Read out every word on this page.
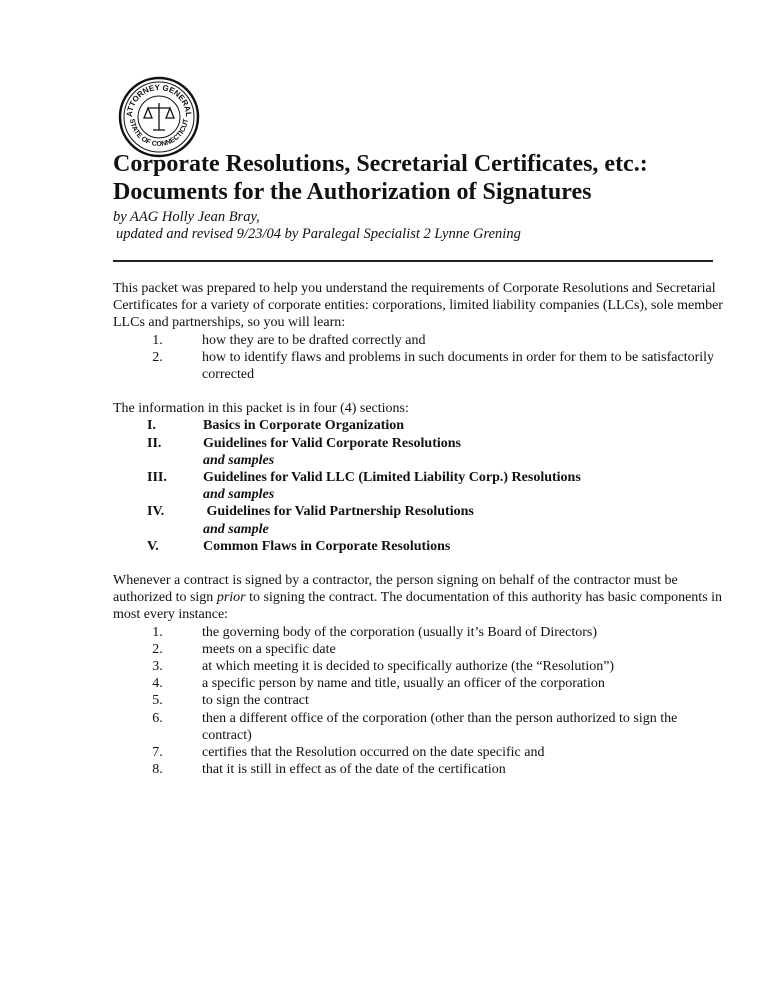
ATTORNEY GENERAL
STATE OF CONNECTICUT
Corporate Resolutions, Secretarial Certificates, etc.:
Documents for the Authorization of Signatures
by AAG Holly Jean Bray,
updated and revised 9/23/04 by Paralegal Specialist 2 Lynne Grening

This packet was prepared to help you understand the requirements of Corporate Resolutions and Secretarial Certificates for a variety of corporate entities: corporations, limited liability companies (LLCs), sole member LLCs and partnerships, so you will learn:

1.	how they are to be drafted correctly and
2.	how to identify flaws and problems in such documents in order for them to be satisfactorily corrected

The information in this packet is in four (4) sections:

I.	Basics in Corporate Organization
II.	Guidelines for Valid Corporate Resolutions
and samples
III.	Guidelines for Valid LLC (Limited Liability Corp.) Resolutions
and samples
IV.	Guidelines for Valid Partnership Resolutions
and sample
V.	Common Flaws in Corporate Resolutions

Whenever a contract is signed by a contractor, the person signing on behalf of the contractor must be authorized to sign prior to signing the contract. The documentation of this authority has basic components in most every instance:

1.	the governing body of the corporation (usually it’s Board of Directors)
2.	meets on a specific date
3.	at which meeting it is decided to specifically authorize (the “Resolution”)
4.	a specific person by name and title, usually an officer of the corporation
5.	to sign the contract
6.	then a different office of the corporation (other than the person authorized to sign the contract)
7.	certifies that the Resolution occurred on the date specific and
8.	that it is still in effect as of the date of the certification
